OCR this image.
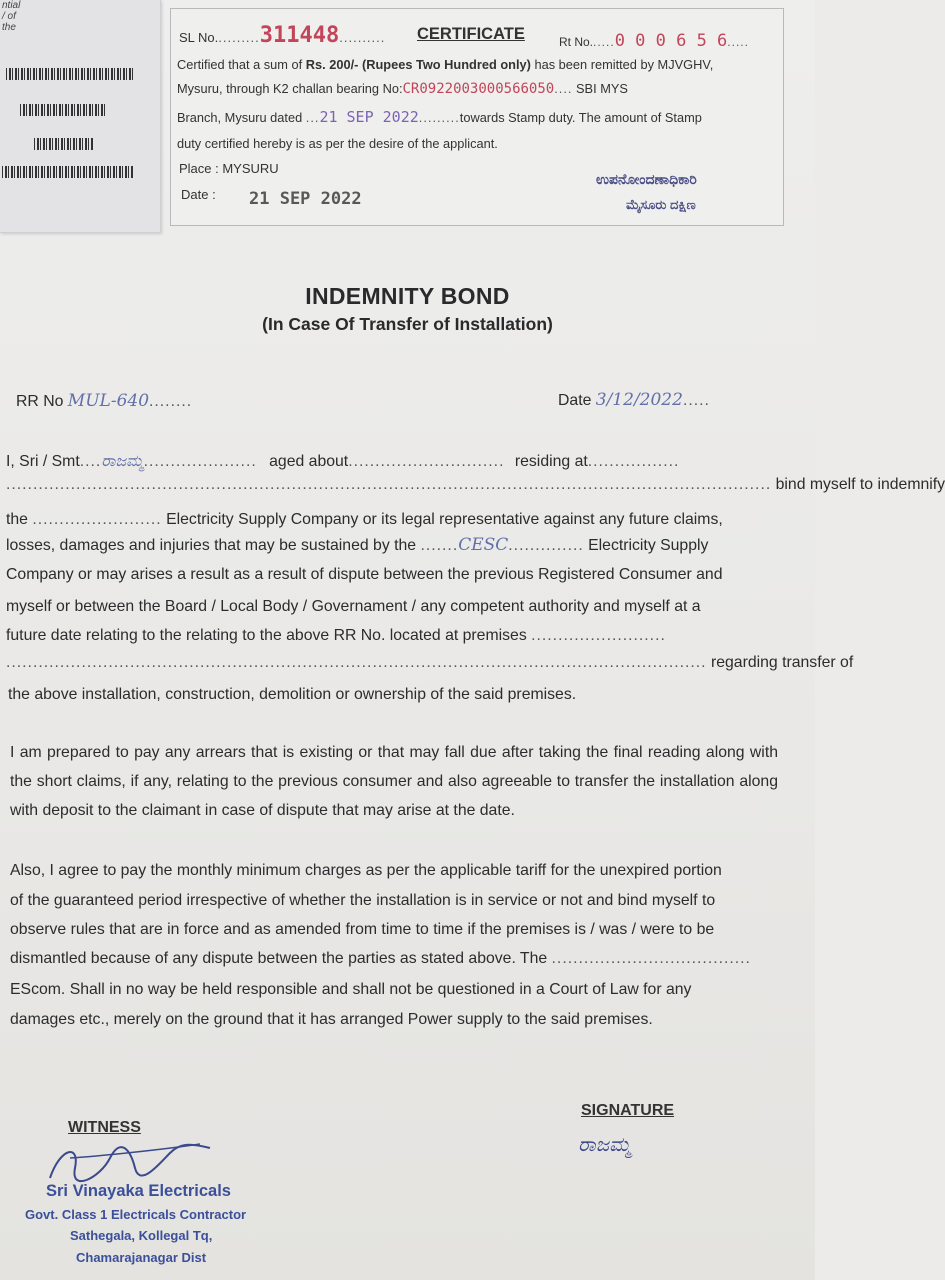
ntial / of the
SL No..........311448.......... CERTIFICATE	Rt No......0 0 0 6 5 6.....
Certified that a sum of Rs. 200/- (Rupees Two Hundred only) has been remitted by MJVGHV,
Mysuru, through K2 challan bearing No:CR0922003000566050.... SBI MYS
Branch, Mysuru dated ...21 SEP 2022.........towards Stamp duty. The amount of Stamp
duty certified hereby is as per the desire of the applicant.
Place : MYSURU
Date : 21 SEP 2022
ಉಪನೋಂದಣಾಧಿಕಾರಿ
ಮೈಸೂರು ದಕ್ಷಿಣ
INDEMNITY BOND
(In Case Of Transfer of Installation)
RR No MUL-640........	Date 3/12/2022.....
I, Sri / Smt....ರಾಜಮ್ಮ..................... aged about............................. residing at.................
.............................................................................................................................................. bind myself to indemnify
the ........................ Electricity Supply Company or its legal representative against any future claims,
losses, damages and injuries that may be sustained by the .......CESC.............. Electricity Supply
Company or may arises a result as a result of dispute between the previous Registered Consumer and
myself or between the Board / Local Body / Governament / any competent authority and myself at a
future date relating to the relating to the above RR No. located at premises .........................
.................................................................................................................................. regarding transfer of
the above installation, construction, demolition or ownership of the said premises.
I am prepared to pay any arrears that is existing or that may fall due after taking the final reading along with the short claims, if any, relating to the previous consumer and also agreeable to transfer the installation along with deposit to the claimant in case of dispute that may arise at the date.
Also, I agree to pay the monthly minimum charges as per the applicable tariff for the unexpired portion
of the guaranteed period irrespective of whether the installation is in service or not and bind myself to
observe rules that are in force and as amended from time to time if the premises is / was / were to be
dismantled because of any dispute between the parties as stated above. The .....................................
EScom. Shall in no way be held responsible and shall not be questioned in a Court of Law for any
damages etc., merely on the ground that it has arranged Power supply to the said premises.
WITNESS
Sri Vinayaka Electricals
Govt. Class 1 Electricals Contractor
Sathegala, Kollegal Tq,
Chamarajanagar Dist
SIGNATURE
ರಾಜಮ್ಮ
